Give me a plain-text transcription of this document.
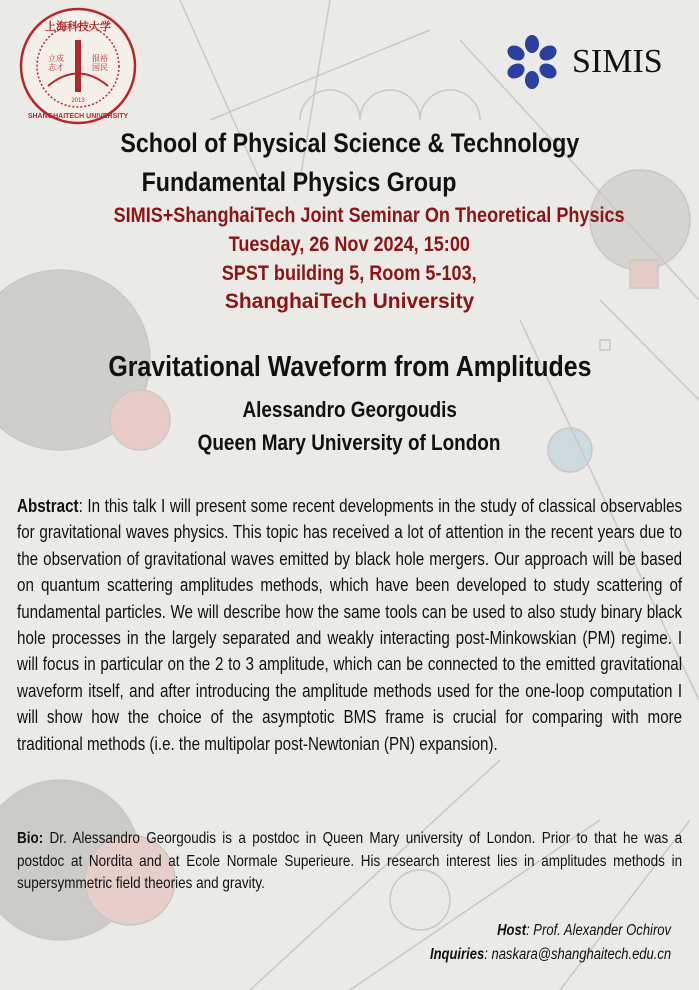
上海科技大学
立成
志才
报裕
国民
2013
SHANGHAITECH UNIVERSITY
SIMIS
School of Physical Science & Technology
Fundamental Physics Group
SIMIS+ShanghaiTech Joint Seminar On Theoretical Physics
Tuesday, 26 Nov 2024, 15:00
SPST building 5, Room 5-103,
ShanghaiTech University
Gravitational Waveform from Amplitudes
Alessandro Georgoudis
Queen Mary University of London
Abstract: In this talk I will present some recent developments in the study of classical observables for gravitational waves physics. This topic has received a lot of attention in the recent years due to the observation of gravitational waves emitted by black hole mergers. Our approach will be based on quantum scattering amplitudes methods, which have been developed to study scattering of fundamental particles. We will describe how the same tools can be used to also study binary black hole processes in the largely separated and weakly interacting post-Minkowskian (PM) regime. I will focus in particular on the 2 to 3 amplitude, which can be connected to the emitted gravitational waveform itself, and after introducing the amplitude methods used for the one-loop computation I will show how the choice of the asymptotic BMS frame is crucial for comparing with more traditional methods (i.e. the multipolar post-Newtonian (PN) expansion).
Bio: Dr. Alessandro Georgoudis is a postdoc in Queen Mary university of London. Prior to that he was a postdoc at Nordita and at Ecole Normale Superieure. His research interest lies in amplitudes methods in supersymmetric field theories and gravity.
Host: Prof. Alexander Ochirov
Inquiries: naskara@shanghaitech.edu.cn
